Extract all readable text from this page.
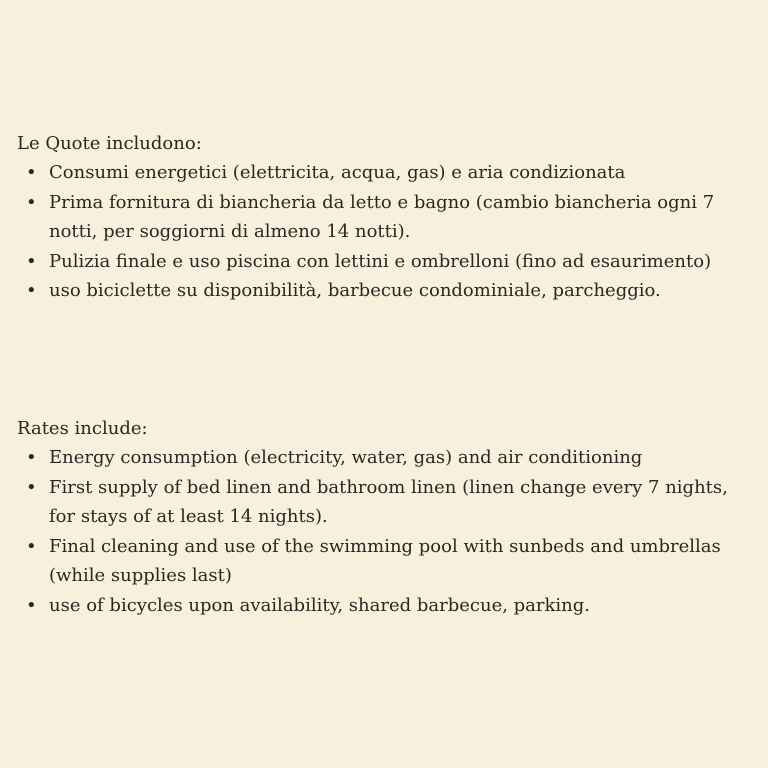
Le Quote includono:

• Consumi energetici (elettricita, acqua, gas) e aria condizionata
• Prima fornitura di biancheria da letto e bagno (cambio biancheria ogni 7 notti, per soggiorni di almeno 14 notti).
• Pulizia finale e uso piscina con lettini e ombrelloni (fino ad esaurimento)
• uso biciclette su disponibilità, barbecue condominiale, parcheggio.

Rates include:

• Energy consumption (electricity, water, gas) and air conditioning
• First supply of bed linen and bathroom linen (linen change every 7 nights, for stays of at least 14 nights).
• Final cleaning and use of the swimming pool with sunbeds and umbrellas (while supplies last)
• use of bicycles upon availability, shared barbecue, parking.
